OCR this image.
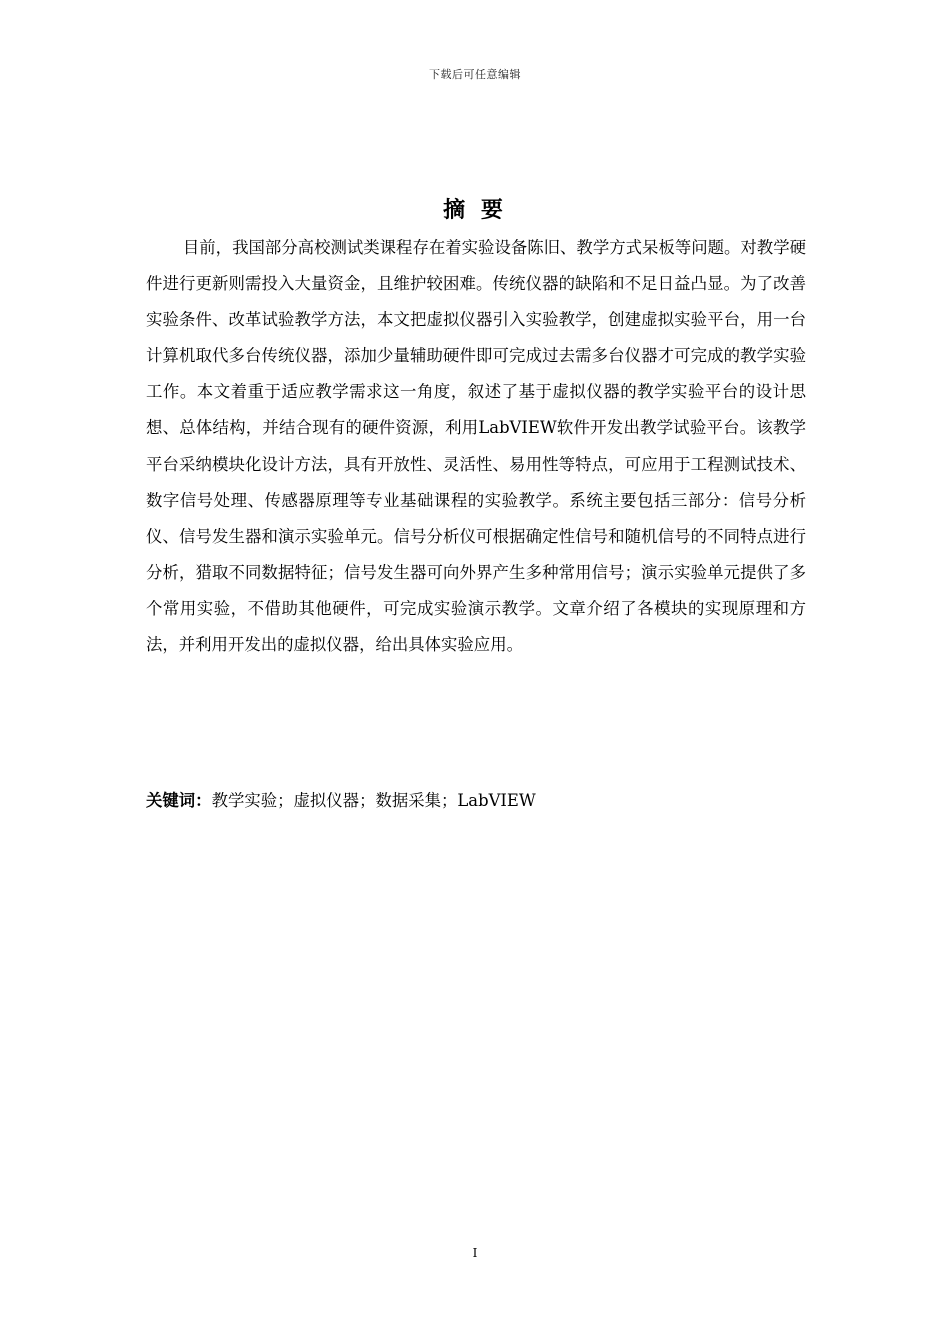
下载后可任意编辑
摘 要

目前，我国部分高校测试类课程存在着实验设备陈旧、教学方式呆板等问题。对教学硬件进行更新则需投入大量资金，且维护较困难。传统仪器的缺陷和不足日益凸显。为了改善实验条件、改革试验教学方法，本文把虚拟仪器引入实验教学，创建虚拟实验平台，用一台计算机取代多台传统仪器，添加少量辅助硬件即可完成过去需多台仪器才可完成的教学实验工作。本文着重于适应教学需求这一角度，叙述了基于虚拟仪器的教学实验平台的设计思想、总体结构，并结合现有的硬件资源，利用LabVIEW软件开发出教学试验平台。该教学平台采纳模块化设计方法，具有开放性、灵活性、易用性等特点，可应用于工程测试技术、数字信号处理、传感器原理等专业基础课程的实验教学。系统主要包括三部分：信号分析仪、信号发生器和演示实验单元。信号分析仪可根据确定性信号和随机信号的不同特点进行分析，猎取不同数据特征；信号发生器可向外界产生多种常用信号；演示实验单元提供了多个常用实验，不借助其他硬件，可完成实验演示教学。文章介绍了各模块的实现原理和方法，并利用开发出的虚拟仪器，给出具体实验应用。

关键词：教学实验；虚拟仪器；数据采集；LabVIEW
I
